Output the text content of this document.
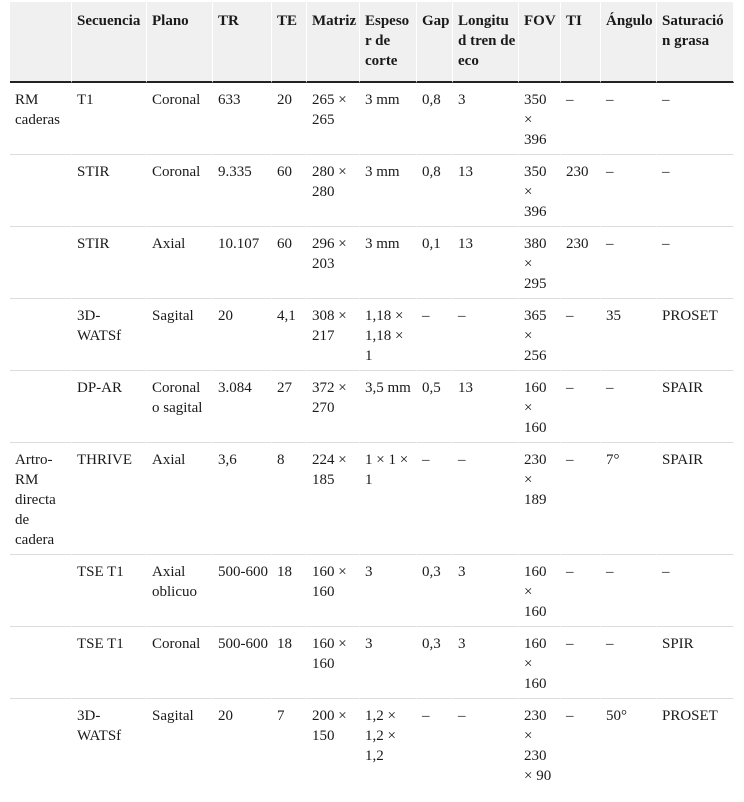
	Secuencia	Plano	TR	TE	Matriz	Espesor de corte	Gap	Longitud tren de eco	FOV	TI	Ángulo	Saturación grasa
RM caderas	T1	Coronal	633	20	265 × 265	3 mm	0,8	3	350 × 396	–	–	–
	STIR	Coronal	9.335	60	280 × 280	3 mm	0,8	13	350 × 396	230	–	–
	STIR	Axial	10.107	60	296 × 203	3 mm	0,1	13	380 × 295	230	–	–
	3D-WATSf	Sagital	20	4,1	308 × 217	1,18 × 1,18 × 1	–	–	365 × 256	–	35	PROSET
	DP-AR	Coronal o sagital	3.084	27	372 × 270	3,5 mm	0,5	13	160 × 160	–	–	SPAIR
Artro-RM directa de cadera	THRIVE	Axial	3,6	8	224 × 185	1 × 1 × 1	–	–	230 × 189	–	7°	SPAIR
	TSE T1	Axial oblicuo	500-600	18	160 × 160	3	0,3	3	160 × 160	–	–	–
	TSE T1	Coronal	500-600	18	160 × 160	3	0,3	3	160 × 160	–	–	SPIR
	3D-WATSf	Sagital	20	7	200 × 150	1,2 × 1,2 × 1,2	–	–	230 × 230 × 90	–	50°	PROSET
